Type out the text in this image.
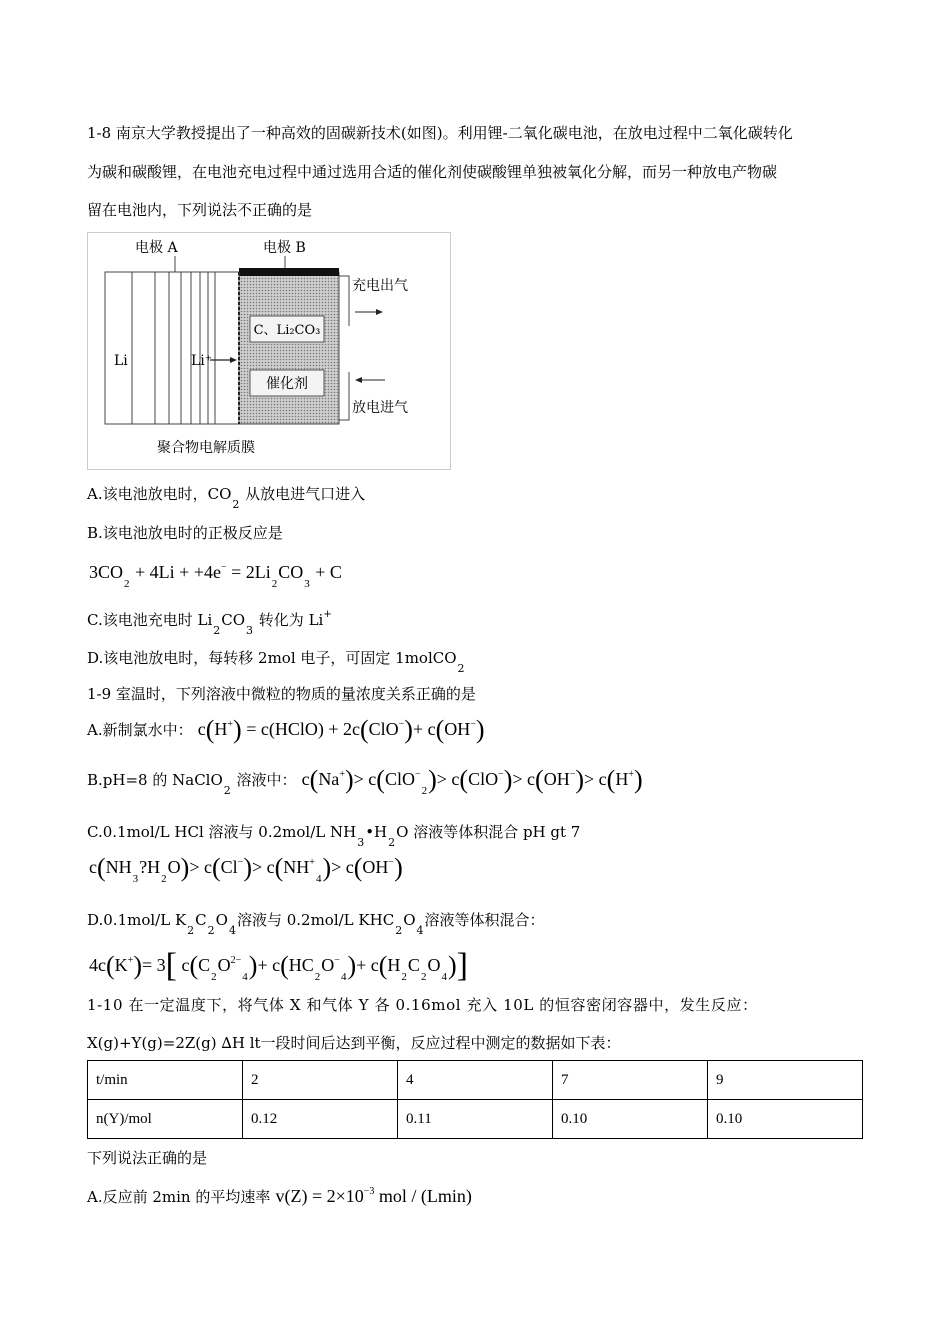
1-8 南京大学教授提出了一种高效的固碳新技术(如图)。利用锂-二氧化碳电池，在放电过程中二氧化碳转化
为碳和碳酸锂，在电池充电过程中通过选用合适的催化剂使碳酸锂单独被氧化分解，而另一种放电产物碳
留在电池内，下列说法不正确的是
C、Li₂CO₃
催化剂
电极 A	电极 B
Li	Li⁺
充电出气
放电进气
聚合物电解质膜
A.该电池放电时，$CO_2$ 从放电进气口进入
B.该电池放电时的正极反应是
$3CO_2 + 4Li + +4e^- = 2Li_2CO_3 + C$
C.该电池充电时 $Li_2CO_3$ 转化为 Li+
D.该电池放电时，每转移 2mol 电子，可固定 1molCO$_2$
1-9 室温时，下列溶液中微粒的物质的量浓度关系正确的是
A.新制氯水中： c(H+) = c(HClO) + 2c(ClO−)+ c(OH−)
B.pH=8 的 NaClO$_2$ 溶液中： c(Na+)> c(ClO−$_2$)> c(ClO−)> c(OH−)> c(H+)
C.0.1mol/L HCl 溶液与 0.2mol/L $NH_3•H_2O$ 溶液等体积混合 pH gt 7
$c(NH_3?H_2O)> c(Cl^-)> c(NH^+_4)> c(OH^-)$
D.0.1mol/L $K_2C_2O_4$溶液与 0.2mol/L $KHC_2O_4$溶液等体积混合：
4c(K+)= 3[ $c(C_2O^{2-}_4)+ c(HC_2O^-_4)+ c(H_2C_2O_4)$]
1-10 在一定温度下，将气体 X 和气体 Y 各 0.16mol 充入 10L 的恒容密闭容器中，发生反应：
X(g)+Y(g)=2Z(g) ∆H lt一段时间后达到平衡，反应过程中测定的数据如下表：
t/min	2	4	7	9
n(Y)/mol	0.12	0.11	0.10	0.10
下列说法正确的是
A.反应前 2min 的平均速率 $v(Z) = 2\times 10^{-3}$ mol / (Lmin)
